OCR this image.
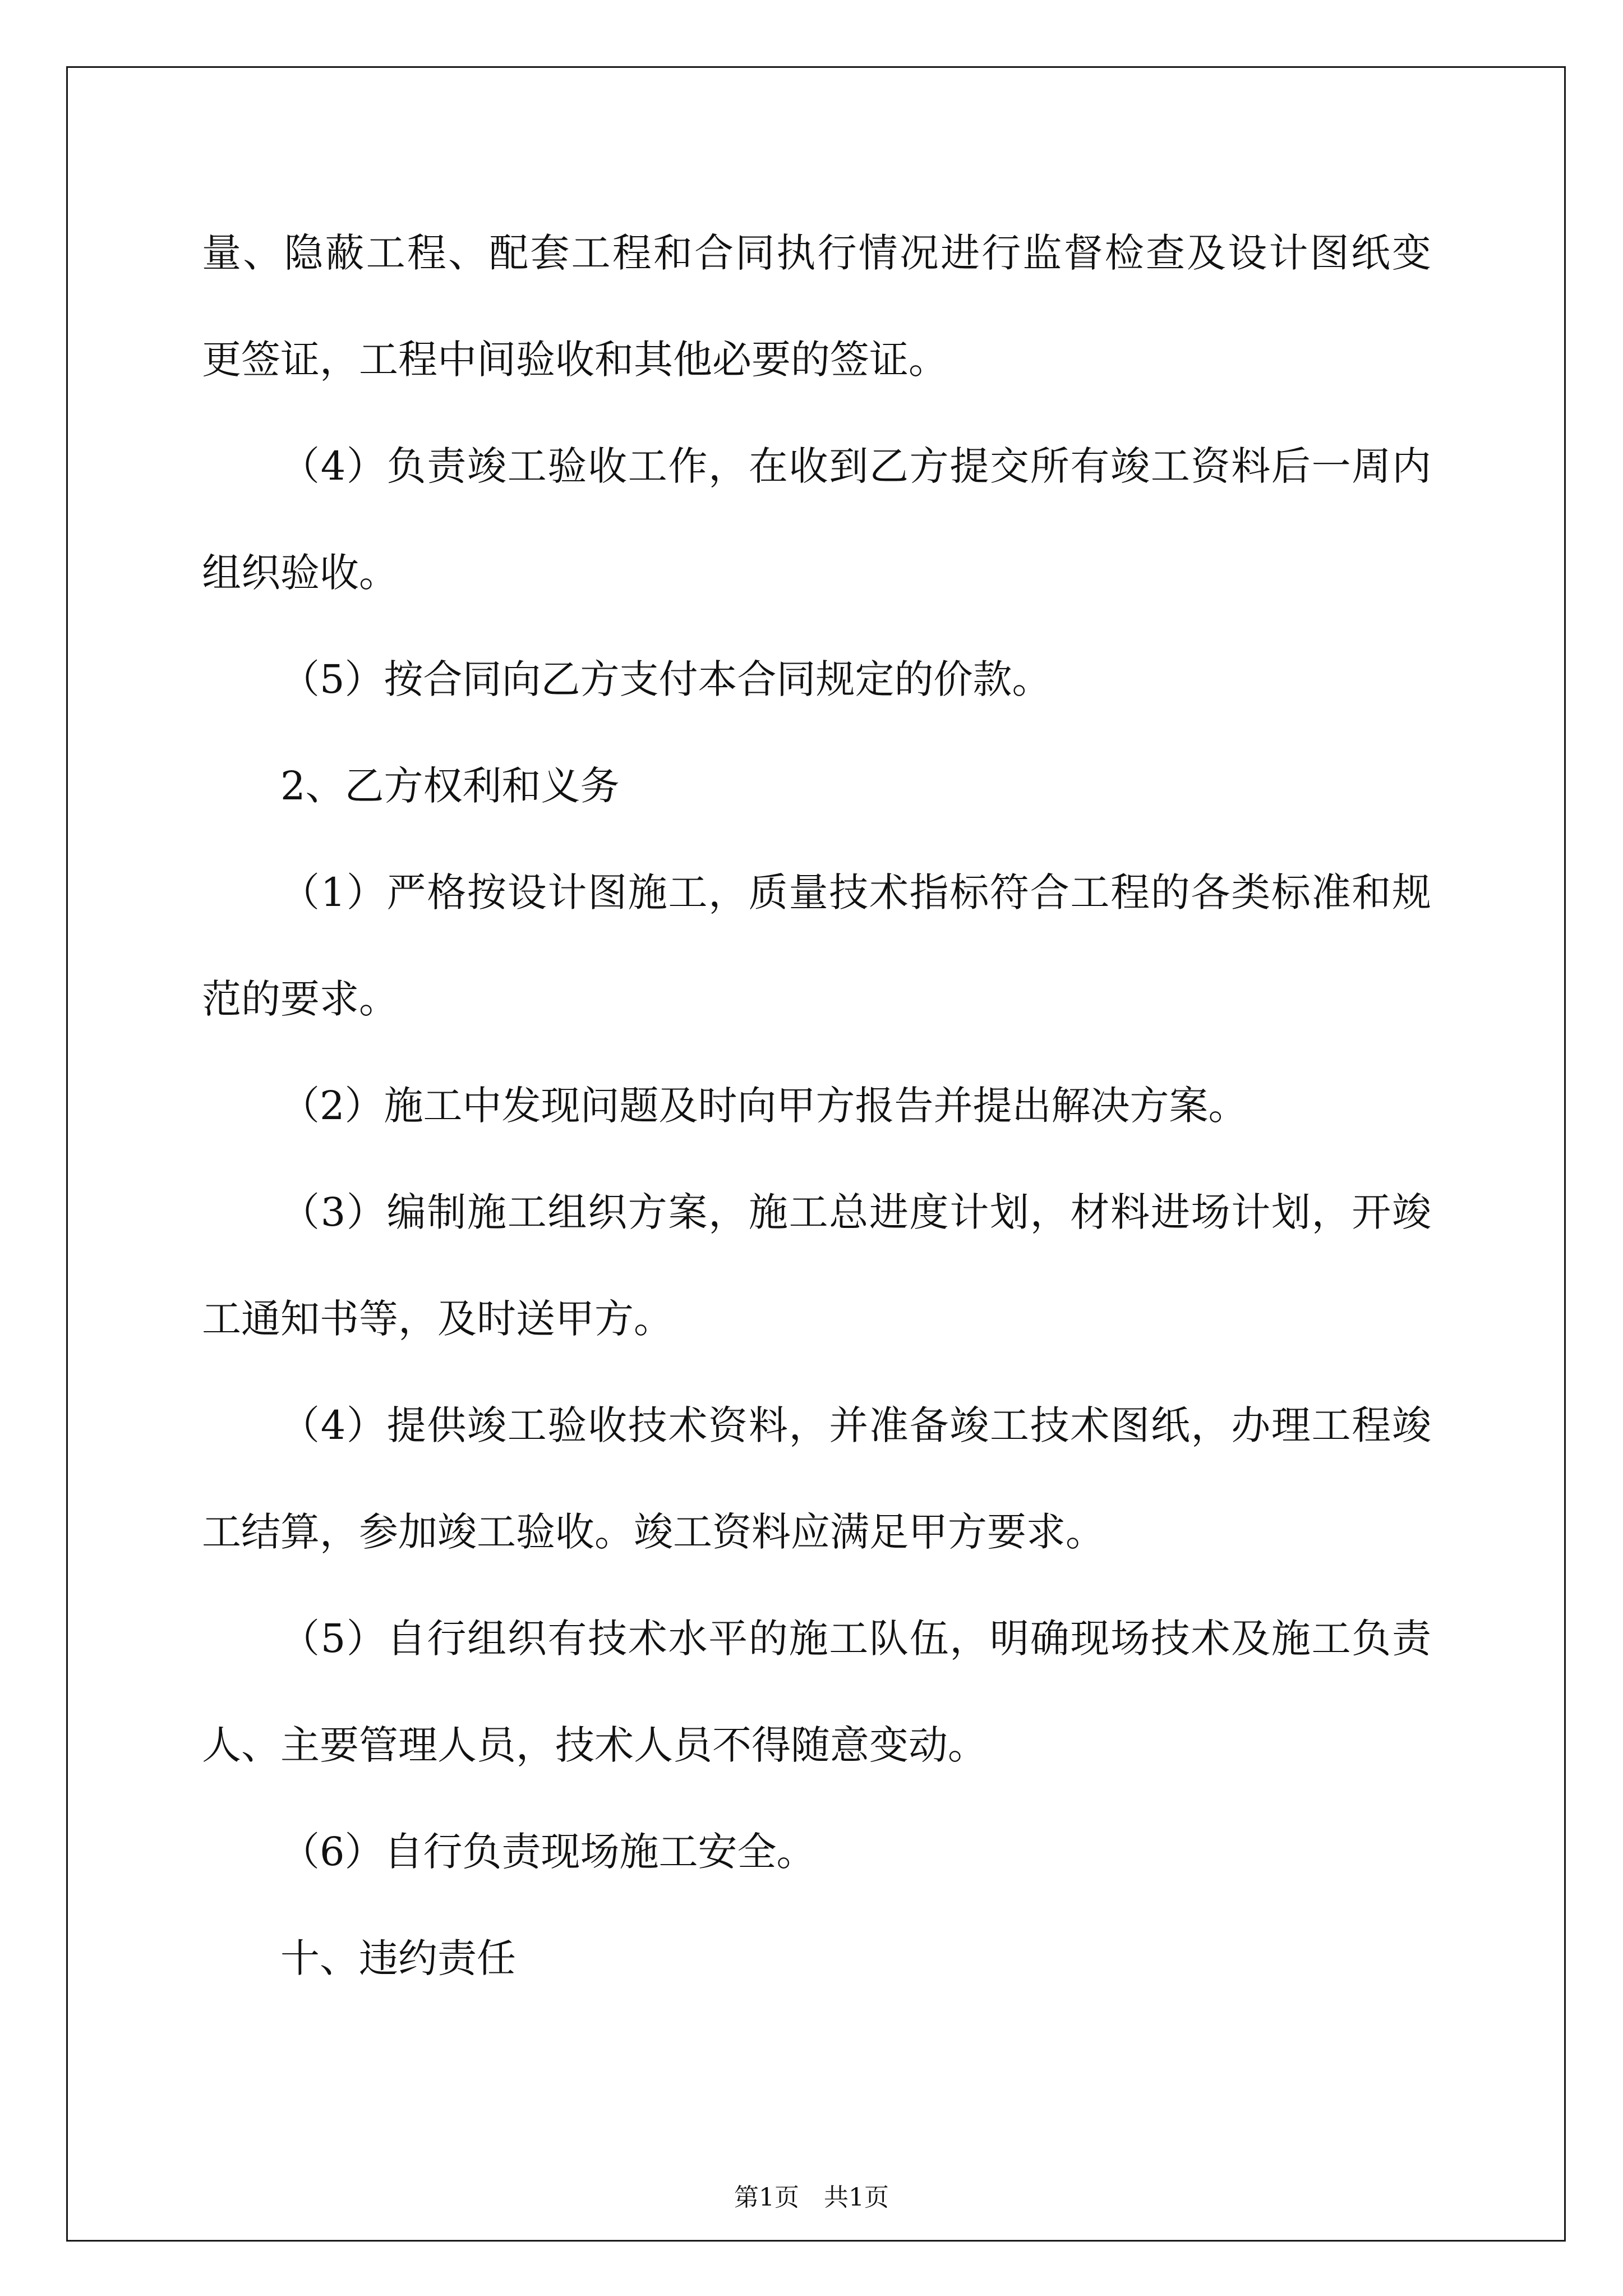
量、隐蔽工程、配套工程和合同执行情况进行监督检查及设计图纸变
更签证，工程中间验收和其他必要的签证。
（4）负责竣工验收工作，在收到乙方提交所有竣工资料后一周内
组织验收。
（5）按合同向乙方支付本合同规定的价款。
2、乙方权利和义务
（1）严格按设计图施工，质量技术指标符合工程的各类标准和规
范的要求。
（2）施工中发现问题及时向甲方报告并提出解决方案。
（3）编制施工组织方案，施工总进度计划，材料进场计划，开竣
工通知书等，及时送甲方。
（4）提供竣工验收技术资料，并准备竣工技术图纸，办理工程竣
工结算，参加竣工验收。竣工资料应满足甲方要求。
（5）自行组织有技术水平的施工队伍，明确现场技术及施工负责
人、主要管理人员，技术人员不得随意变动。
（6）自行负责现场施工安全。
十、违约责任
第1页　共1页
